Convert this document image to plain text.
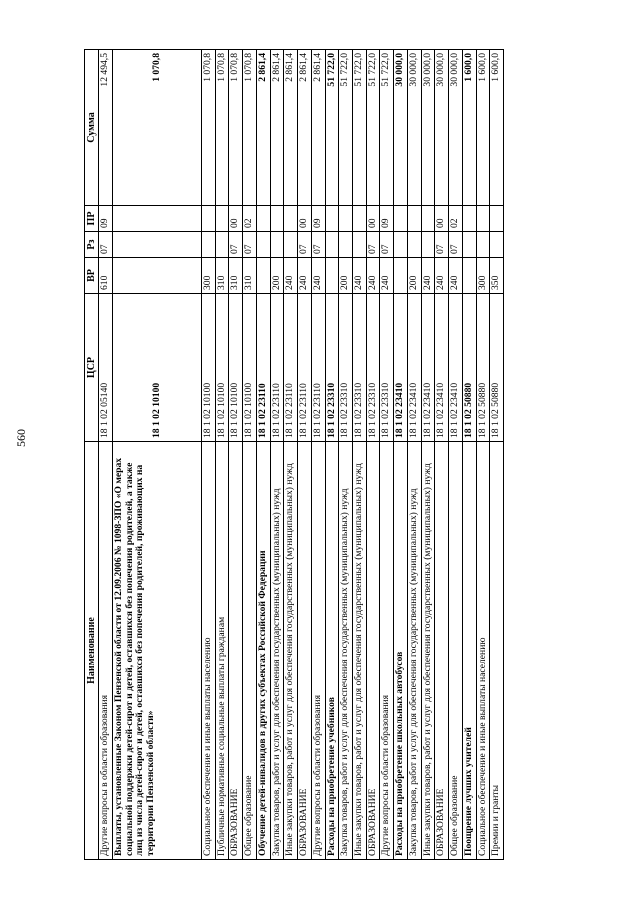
560
Наименование	ЦСР	ВР	Рз	ПР	Сумма
Другие вопросы в области образования	18 1 02 05140	610	07	09	12 494,5
Выплаты, установленные Законом Пензенской области от 12.09.2006 № 1098-ЗПО «О мерах социальной поддержки детей-сирот и детей, оставшихся без попечения родителей, а также лиц из числа детей-сирот и детей, оставшихся без попечения родителей, проживающих на территории Пензенской области»	18 1 02 10100				1 070,8
Социальное обеспечение и иные выплаты населению	18 1 02 10100	300			1 070,8
Публичные нормативные социальные выплаты гражданам	18 1 02 10100	310			1 070,8
ОБРАЗОВАНИЕ	18 1 02 10100	310	07	00	1 070,8
Общее образование	18 1 02 10100	310	07	02	1 070,8
Обучение детей-инвалидов в других субъектах Российской Федерации	18 1 02 23110				2 861,4
Закупка товаров, работ и услуг для обеспечения государственных (муниципальных) нужд	18 1 02 23110	200			2 861,4
Иные закупки товаров, работ и услуг для обеспечения государственных (муниципальных) нужд	18 1 02 23110	240			2 861,4
ОБРАЗОВАНИЕ	18 1 02 23110	240	07	00	2 861,4
Другие вопросы в области образования	18 1 02 23110	240	07	09	2 861,4
Расходы на приобретение учебников	18 1 02 23310				51 722,0
Закупка товаров, работ и услуг для обеспечения государственных (муниципальных) нужд	18 1 02 23310	200			51 722,0
Иные закупки товаров, работ и услуг для обеспечения государственных (муниципальных) нужд	18 1 02 23310	240			51 722,0
ОБРАЗОВАНИЕ	18 1 02 23310	240	07	00	51 722,0
Другие вопросы в области образования	18 1 02 23310	240	07	09	51 722,0
Расходы на приобретение школьных автобусов	18 1 02 23410				30 000,0
Закупка товаров, работ и услуг для обеспечения государственных (муниципальных) нужд	18 1 02 23410	200			30 000,0
Иные закупки товаров, работ и услуг для обеспечения государственных (муниципальных) нужд	18 1 02 23410	240			30 000,0
ОБРАЗОВАНИЕ	18 1 02 23410	240	07	00	30 000,0
Общее образование	18 1 02 23410	240	07	02	30 000,0
Поощрение лучших учителей	18 1 02 50880				1 600,0
Социальное обеспечение и иные выплаты населению	18 1 02 50880	300			1 600,0
Премии и гранты	18 1 02 50880	350			1 600,0
